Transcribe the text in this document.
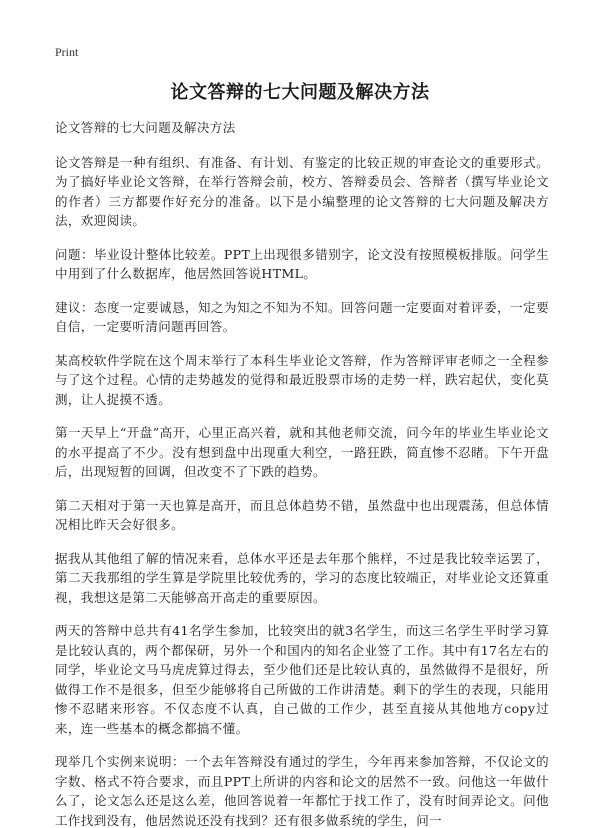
Print
论文答辩的七大问题及解决方法

论文答辩的七大问题及解决方法

论文答辩是一种有组织、有准备、有计划、有鉴定的比较正规的审查论文的重要形式。为了搞好毕业论文答辩，在举行答辩会前，校方、答辩委员会、答辩者（撰写毕业论文的作者）三方都要作好充分的准备。以下是小编整理的论文答辩的七大问题及解决方法，欢迎阅读。

问题：毕业设计整体比较差。PPT上出现很多错别字，论文没有按照模板排版。问学生中用到了什么数据库，他居然回答说HTML。

建议：态度一定要诚恳，知之为知之不知为不知。回答问题一定要面对着评委，一定要自信，一定要听清问题再回答。

某高校软件学院在这个周末举行了本科生毕业论文答辩，作为答辩评审老师之一全程参与了这个过程。心情的走势越发的觉得和最近股票市场的走势一样，跌宕起伏，变化莫测，让人捉摸不透。

第一天早上“开盘”高开，心里正高兴着，就和其他老师交流，问今年的毕业生毕业论文的水平提高了不少。没有想到盘中出现重大利空，一路狂跌，简直惨不忍睹。下午开盘后，出现短暂的回调，但改变不了下跌的趋势。

第二天相对于第一天也算是高开，而且总体趋势不错，虽然盘中也出现震荡，但总体情况相比昨天会好很多。

据我从其他组了解的情况来看，总体水平还是去年那个熊样，不过是我比较幸运罢了，第二天我那组的学生算是学院里比较优秀的，学习的态度比较端正，对毕业论文还算重视，我想这是第二天能够高开高走的重要原因。

两天的答辩中总共有41名学生参加，比较突出的就3名学生，而这三名学生平时学习算是比较认真的，两个都保研，另外一个和国内的知名企业签了工作。其中有17名左右的同学，毕业论文马马虎虎算过得去，至少他们还是比较认真的，虽然做得不是很好，所做得工作不是很多，但至少能够将自己所做的工作讲清楚。剩下的学生的表现，只能用惨不忍睹来形容。不仅态度不认真，自己做的工作少，甚至直接从其他地方copy过来，连一些基本的概念都搞不懂。

现举几个实例来说明：一个去年答辩没有通过的学生，今年再来参加答辩，不仅论文的字数、格式不符合要求，而且PPT上所讲的内容和论文的居然不一致。问他这一年做什么了，论文怎么还是这么差，他回答说着一年都忙于找工作了，没有时间弄论文。问他工作找到没有，他居然说还没有找到？还有很多做系统的学生，问一
